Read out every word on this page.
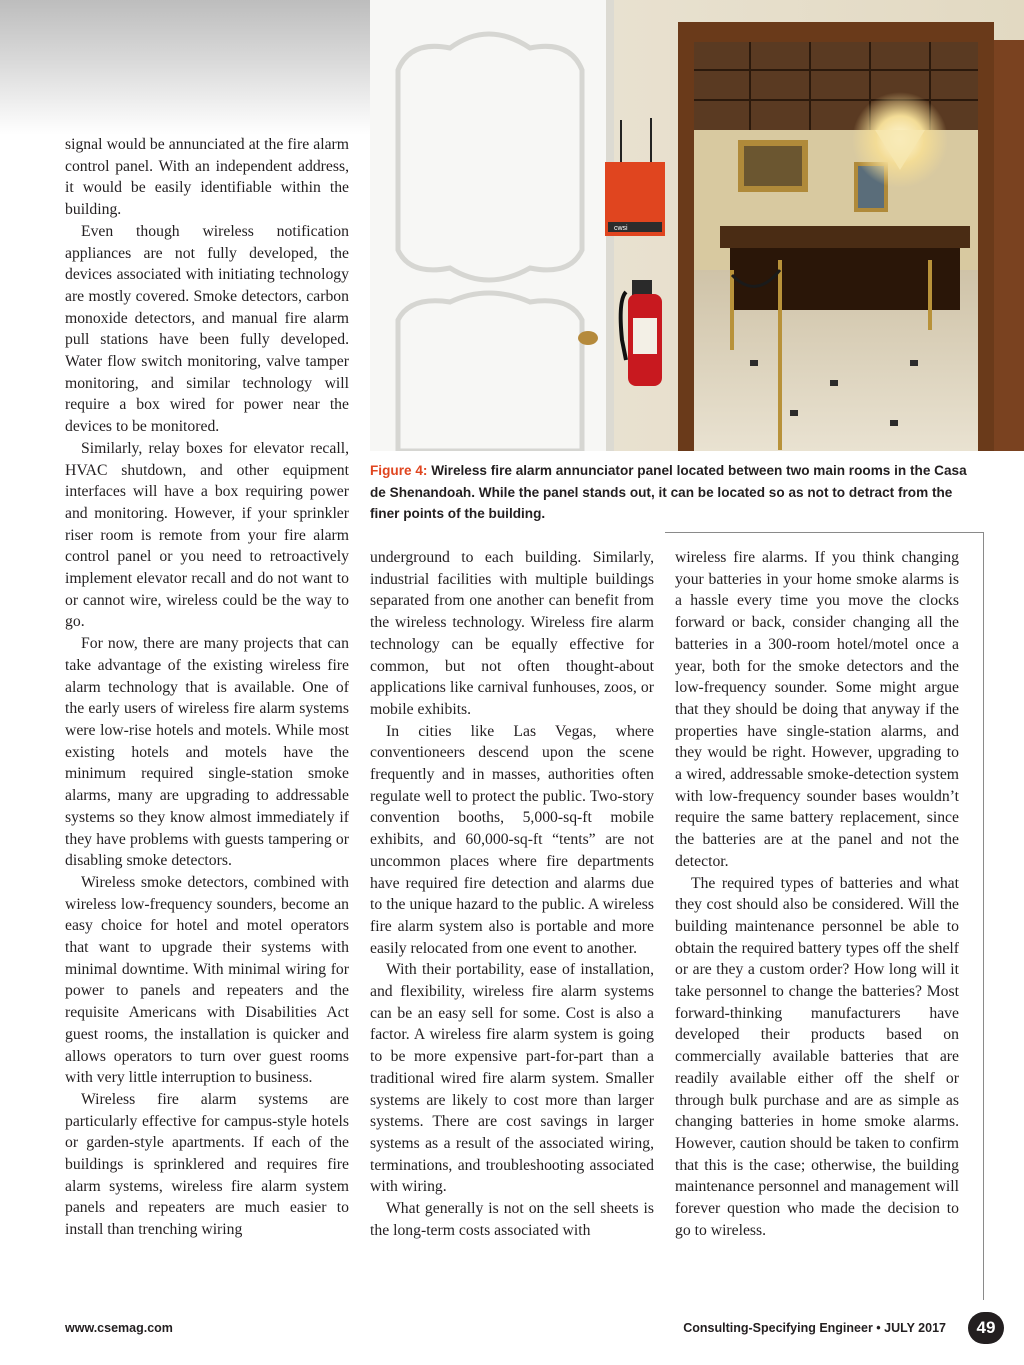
cwsi
Figure 4: Wireless fire alarm annunciator panel located between two main rooms in the Casa de Shenandoah. While the panel stands out, it can be located so as not to detract from the finer points of the building.

signal would be annunciated at the fire alarm control panel. With an independent address, it would be easily identifiable within the building.

Even though wireless notification appliances are not fully developed, the devices associated with initiating technology are mostly covered. Smoke detectors, carbon monoxide detectors, and manual fire alarm pull stations have been fully developed. Water flow switch monitoring, valve tamper monitoring, and similar technology will require a box wired for power near the devices to be monitored.

Similarly, relay boxes for elevator recall, HVAC shutdown, and other equipment interfaces will have a box requiring power and monitoring. However, if your sprinkler riser room is remote from your fire alarm control panel or you need to retroactively implement elevator recall and do not want to or cannot wire, wireless could be the way to go.

For now, there are many projects that can take advantage of the existing wireless fire alarm technology that is available. One of the early users of wireless fire alarm systems were low-rise hotels and motels. While most existing hotels and motels have the minimum required single-station smoke alarms, many are upgrading to addressable systems so they know almost immediately if they have problems with guests tampering or disabling smoke detectors.

Wireless smoke detectors, combined with wireless low-frequency sounders, become an easy choice for hotel and motel operators that want to upgrade their systems with minimal downtime. With minimal wiring for power to panels and repeaters and the requisite Americans with Disabilities Act guest rooms, the installation is quicker and allows operators to turn over guest rooms with very little interruption to business.

Wireless fire alarm systems are particularly effective for campus-style hotels or garden-style apartments. If each of the buildings is sprinklered and requires fire alarm systems, wireless fire alarm system panels and repeaters are much easier to install than trenching wiring

underground to each building. Similarly, industrial facilities with multiple buildings separated from one another can benefit from the wireless technology. Wireless fire alarm technology can be equally effective for common, but not often thought-about applications like carnival funhouses, zoos, or mobile exhibits.

In cities like Las Vegas, where conventioneers descend upon the scene frequently and in masses, authorities often regulate well to protect the public. Two-story convention booths, 5,000-sq-ft mobile exhibits, and 60,000-sq-ft “tents” are not uncommon places where fire departments have required fire detection and alarms due to the unique hazard to the public. A wireless fire alarm system also is portable and more easily relocated from one event to another.

With their portability, ease of installation, and flexibility, wireless fire alarm systems can be an easy sell for some. Cost is also a factor. A wireless fire alarm system is going to be more expensive part-for-part than a traditional wired fire alarm system. Smaller systems are likely to cost more than larger systems. There are cost savings in larger systems as a result of the associated wiring, terminations, and troubleshooting associated with wiring.

What generally is not on the sell sheets is the long-term costs associated with

wireless fire alarms. If you think changing your batteries in your home smoke alarms is a hassle every time you move the clocks forward or back, consider changing all the batteries in a 300-room hotel/motel once a year, both for the smoke detectors and the low-frequency sounder. Some might argue that they should be doing that anyway if the properties have single-station alarms, and they would be right. However, upgrading to a wired, addressable smoke-detection system with low-frequency sounder bases wouldn’t require the same battery replacement, since the batteries are at the panel and not the detector.

The required types of batteries and what they cost should also be considered. Will the building maintenance personnel be able to obtain the required battery types off the shelf or are they a custom order? How long will it take personnel to change the batteries? Most forward-thinking manufacturers have developed their products based on commercially available batteries that are readily available either off the shelf or through bulk purchase and are as simple as changing batteries in home smoke alarms. However, caution should be taken to confirm that this is the case; otherwise, the building maintenance personnel and management will forever question who made the decision to go to wireless.

www.csemag.com	Consulting-Specifying Engineer • JULY 2017	49
